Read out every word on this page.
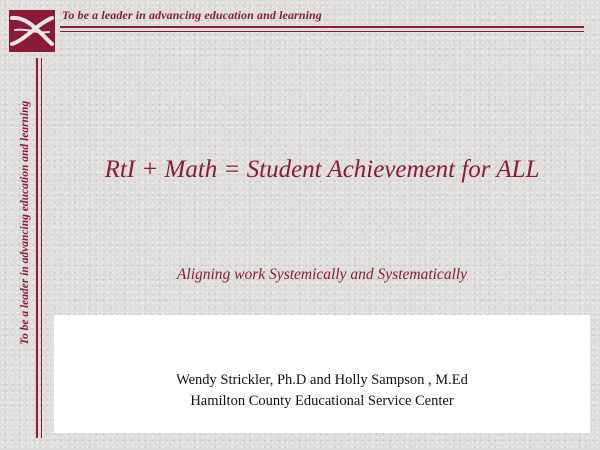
To be a leader in advancing education and learning
To be a leader in advancing education and learning	RtI + Math = Student Achievement for ALL
Aligning work Systemically and Systematically
Wendy Strickler, Ph.D and Holly Sampson , M.Ed
Hamilton County Educational Service Center
